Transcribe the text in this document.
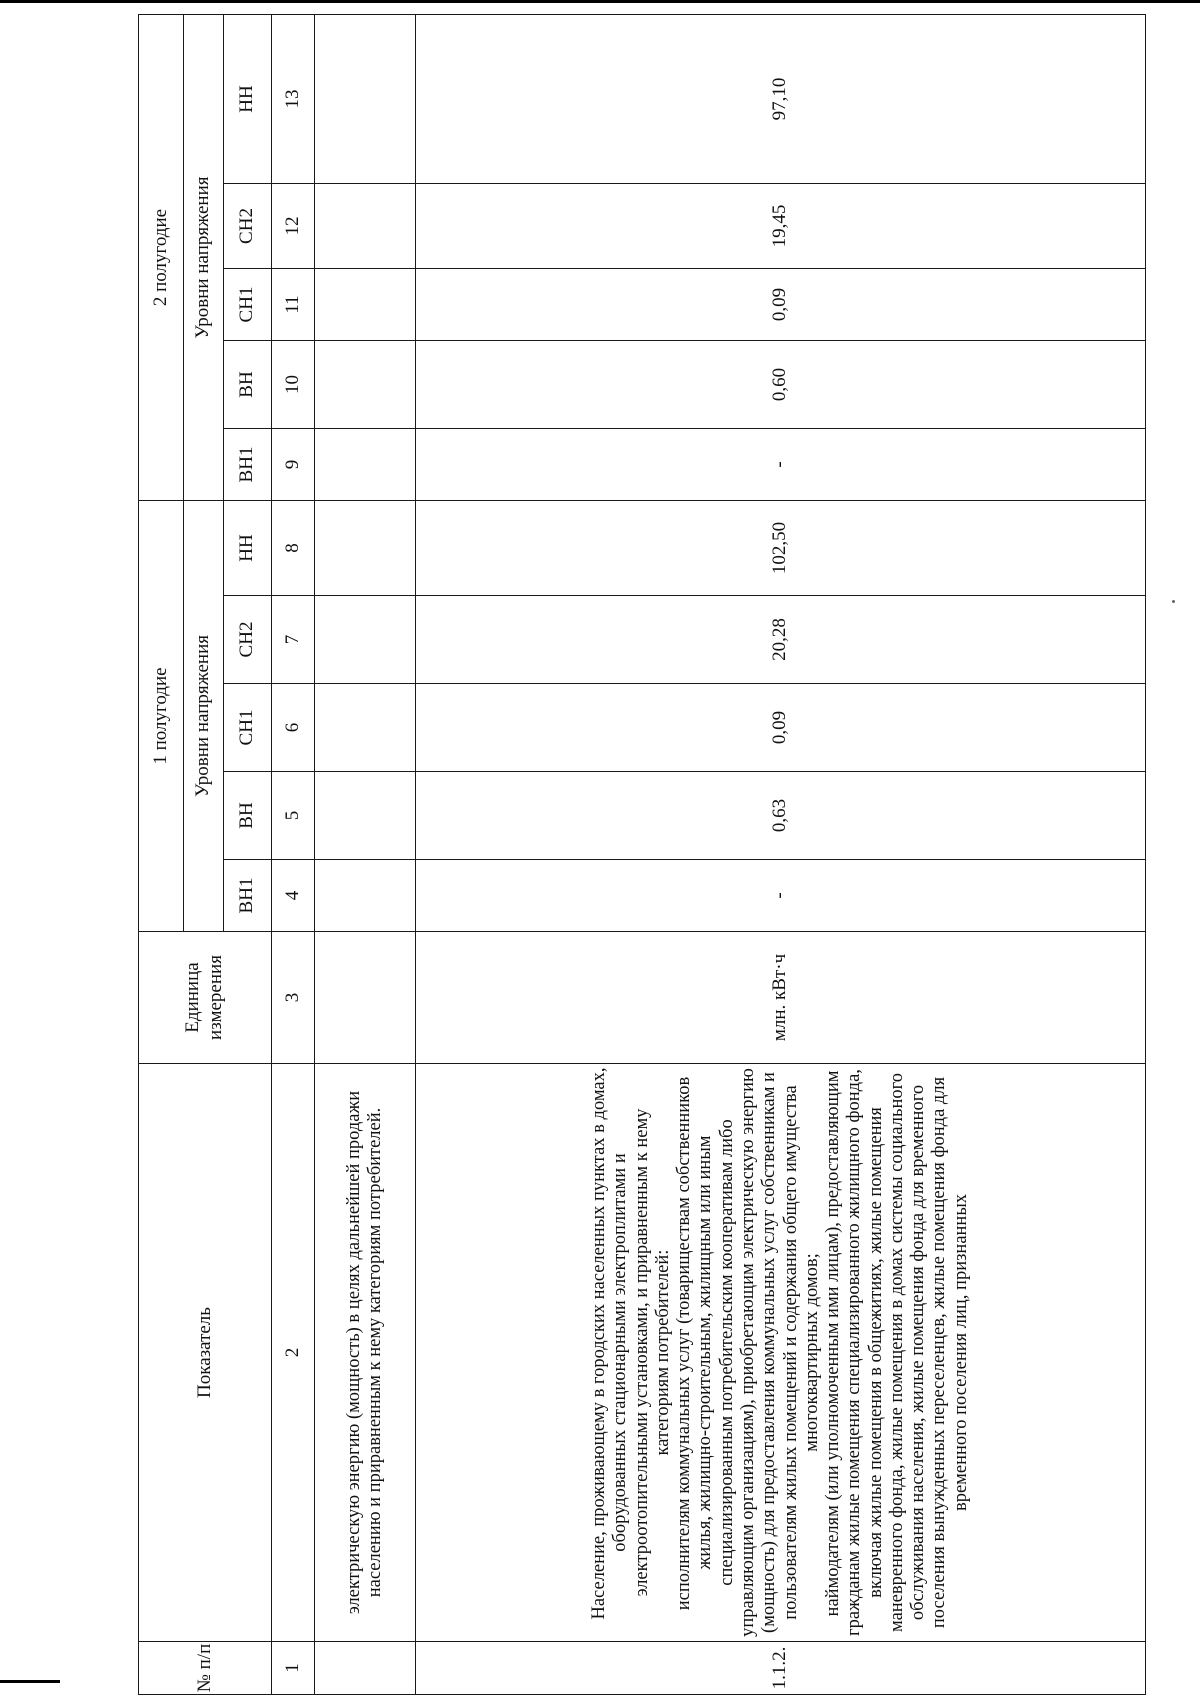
№ п/п	Показатель	Единица измерения	1 полугодие					2 полугодие				
			Уровни напряжения					Уровни напряжения				
			ВН1	ВН	СН1	СН2	НН	ВН1	ВН	СН1	СН2	НН
1	2	3	4	5	6	7	8	9	10	11	12	13
	электрическую энергию (мощность) в целях дальнейшей продажи населению и приравненным к нему категориям потребителей.											
1.1.2.	Население, проживающему в городских населенных пунктах в домах, оборудованных стационарными электроплитами и электроотопительными установками, и приравненным к нему категориям потребителей: исполнителям коммунальных услуг (товариществам собственников жилья, жилищно-строительным, жилищным или иным специализированным потребительским кооперативам либо управляющим организациям), приобретающим электрическую энергию (мощность) для предоставления коммунальных услуг собственникам и пользователям жилых помещений и содержания общего имущества многоквартирных домов; наймодателям (или уполномоченным ими лицам), предоставляющим гражданам жилые помещения специализированного жилищного фонда, включая жилые помещения в общежитиях, жилые помещения маневренного фонда, жилые помещения в домах системы социального обслуживания населения, жилые помещения фонда для временного поселения вынужденных переселенцев, жилые помещения фонда для временного поселения лиц, признанных	млн. кВт·ч	-	0,63	0,09	20,28	102,50	-	0,60	0,09	19,45	97,10
